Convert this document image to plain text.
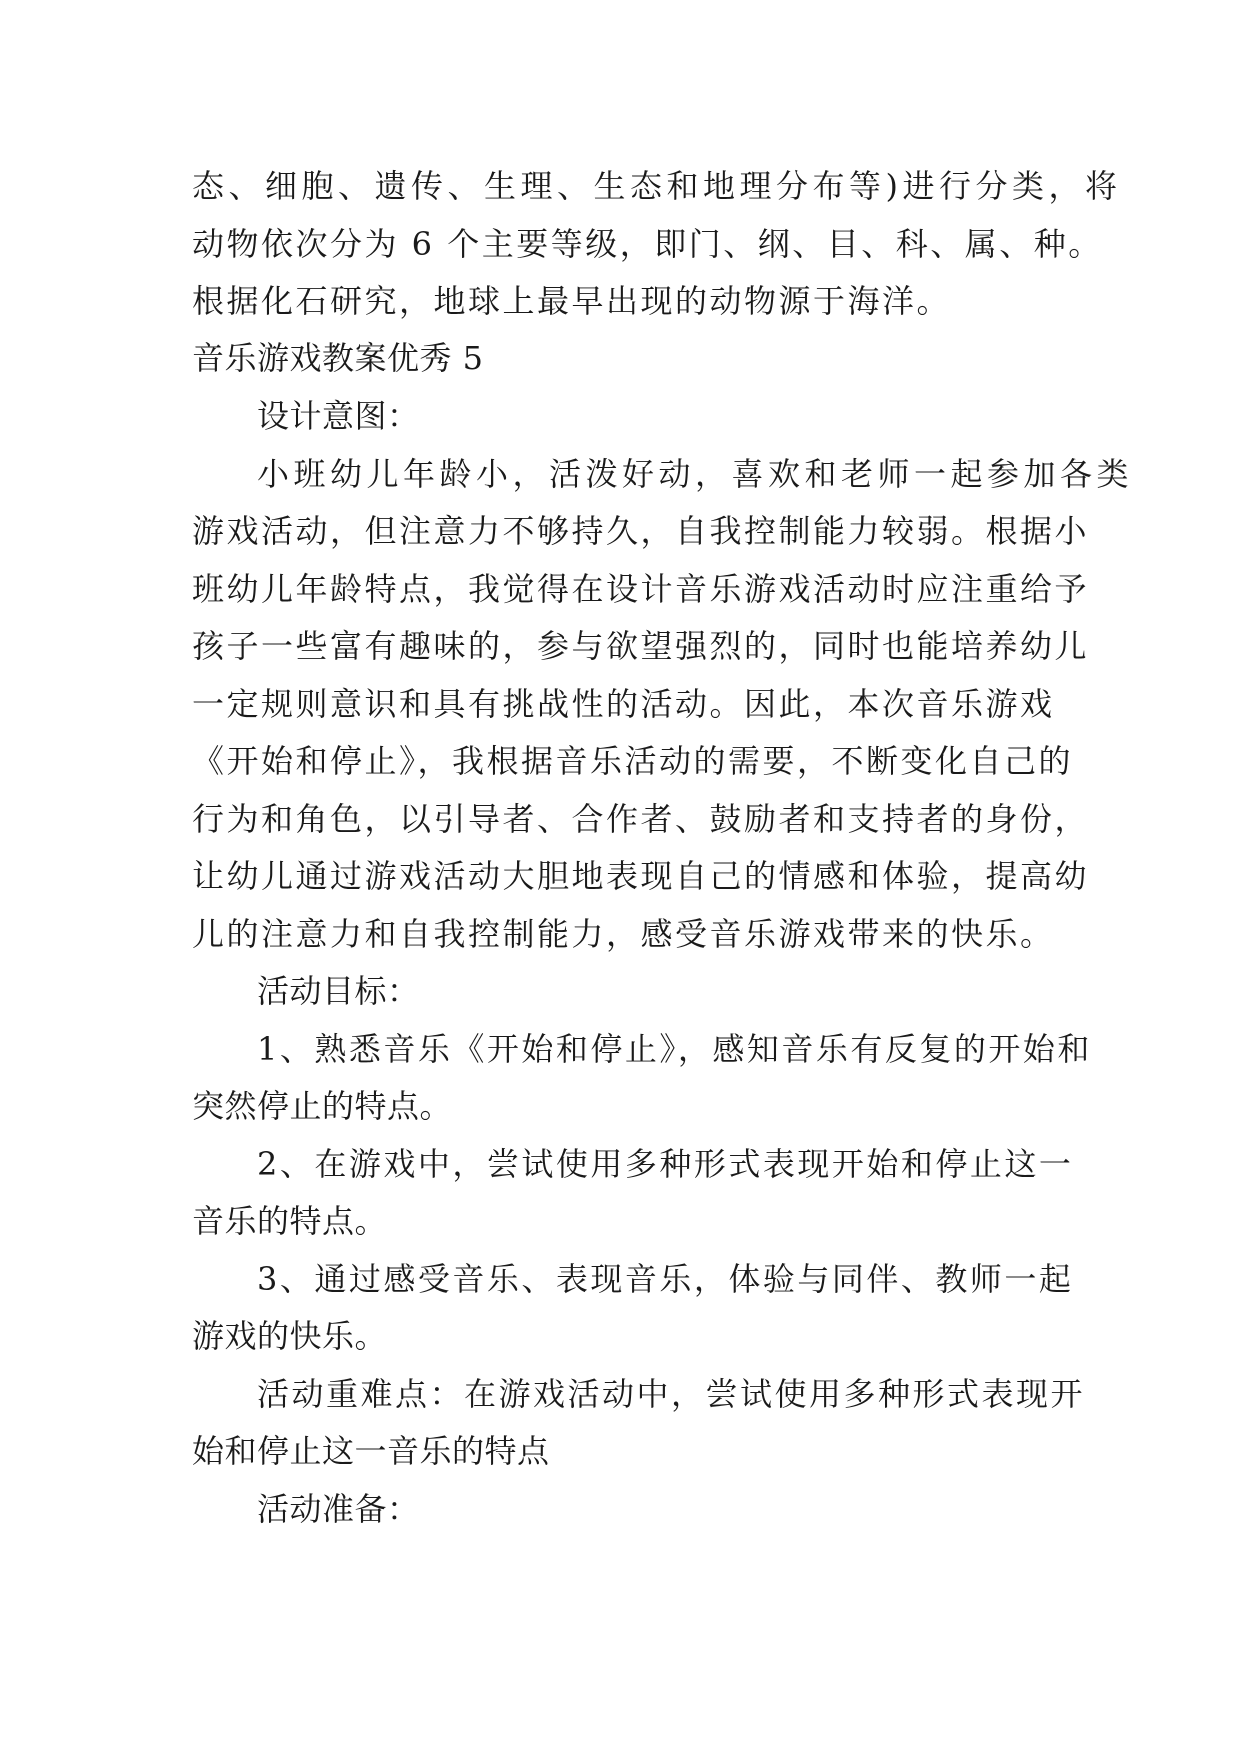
态、细胞、遗传、生理、生态和地理分布等)进行分类，将
动物依次分为 6 个主要等级，即门、纲、目、科、属、种。
根据化石研究，地球上最早出现的动物源于海洋。
音乐游戏教案优秀 5
设计意图：
小班幼儿年龄小，活泼好动，喜欢和老师一起参加各类
游戏活动，但注意力不够持久，自我控制能力较弱。根据小
班幼儿年龄特点，我觉得在设计音乐游戏活动时应注重给予
孩子一些富有趣味的，参与欲望强烈的，同时也能培养幼儿
一定规则意识和具有挑战性的活动。因此，本次音乐游戏
《开始和停止》，我根据音乐活动的需要，不断变化自己的
行为和角色，以引导者、合作者、鼓励者和支持者的身份，
让幼儿通过游戏活动大胆地表现自己的情感和体验，提高幼
儿的注意力和自我控制能力，感受音乐游戏带来的快乐。
活动目标：
1、熟悉音乐《开始和停止》，感知音乐有反复的开始和
突然停止的特点。
2、在游戏中，尝试使用多种形式表现开始和停止这一
音乐的特点。
3、通过感受音乐、表现音乐，体验与同伴、教师一起
游戏的快乐。
活动重难点：在游戏活动中，尝试使用多种形式表现开
始和停止这一音乐的特点
活动准备：
